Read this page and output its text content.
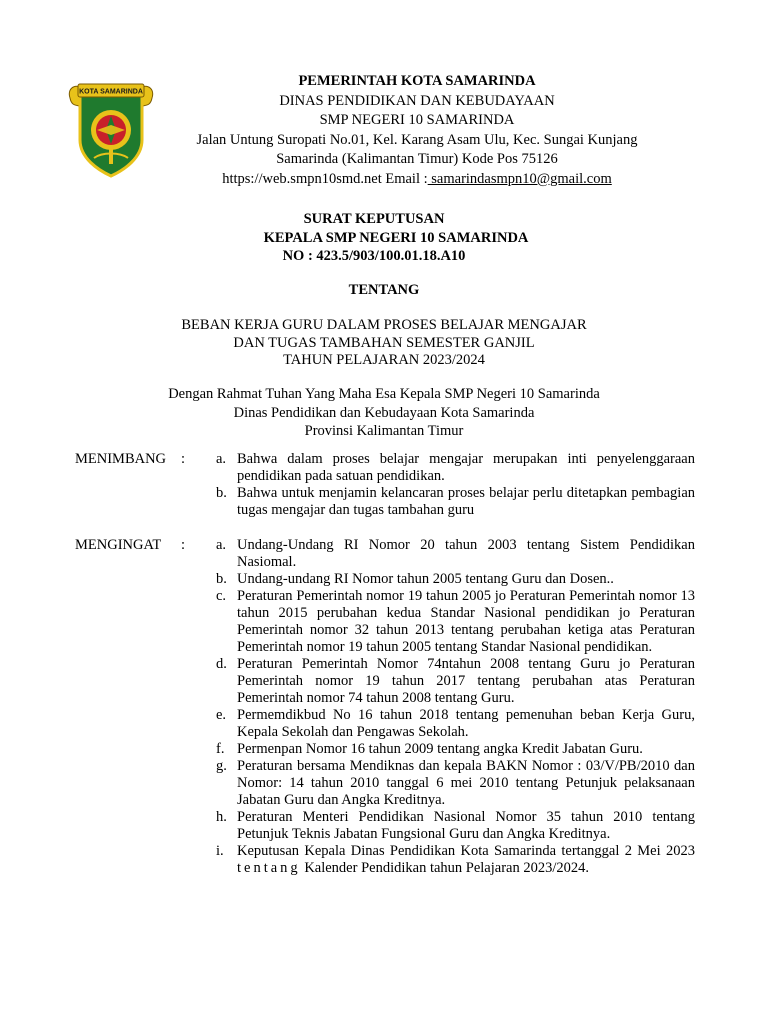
KOTA SAMARINDA
PEMERINTAH KOTA SAMARINDA
DINAS PENDIDIKAN DAN KEBUDAYAAN
SMP NEGERI 10 SAMARINDA
Jalan Untung Suropati No.01, Kel. Karang Asam Ulu, Kec. Sungai Kunjang
Samarinda (Kalimantan Timur) Kode Pos 75126
https://web.smpn10smd.net Email : samarindasmpn10@gmail.com
SURAT KEPUTUSAN
KEPALA SMP NEGERI 10 SAMARINDA
NO : 423.5/903/100.01.18.A10
TENTANG
BEBAN KERJA GURU DALAM PROSES BELAJAR MENGAJAR
DAN TUGAS TAMBAHAN SEMESTER GANJIL
TAHUN PELAJARAN 2023/2024
Dengan Rahmat Tuhan Yang Maha Esa Kepala SMP Negeri 10 Samarinda
Dinas Pendidikan dan Kebudayaan Kota Samarinda
Provinsi Kalimantan Timur
MENIMBANG : a. Bahwa dalam proses belajar mengajar merupakan inti penyelenggaraan pendidikan pada satuan pendidikan.
b. Bahwa untuk menjamin kelancaran proses belajar perlu ditetapkan pembagian tugas mengajar dan tugas tambahan guru
MENGINGAT : a. Undang-Undang RI Nomor 20 tahun 2003 tentang Sistem Pendidikan Nasiomal.
b. Undang-undang RI Nomor tahun 2005 tentang Guru dan Dosen..
c. Peraturan Pemerintah nomor 19 tahun 2005 jo Peraturan Pemerintah nomor 13 tahun 2015 perubahan kedua Standar Nasional pendidikan jo Peraturan Pemerintah nomor 32 tahun 2013 tentang perubahan ketiga atas Peraturan Pemerintah nomor 19 tahun 2005 tentang Standar Nasional pendidikan.
d. Peraturan Pemerintah Nomor 74ntahun 2008 tentang Guru jo Peraturan Pemerintah nomor 19 tahun 2017 tentang perubahan atas Peraturan Pemerintah nomor 74 tahun 2008 tentang Guru.
e. Permemdikbud No 16 tahun 2018 tentang pemenuhan beban Kerja Guru, Kepala Sekolah dan Pengawas Sekolah.
f. Permenpan Nomor 16 tahun 2009 tentang angka Kredit Jabatan Guru.
g. Peraturan bersama Mendiknas dan kepala BAKN Nomor : 03/V/PB/2010 dan Nomor: 14 tahun 2010 tanggal 6 mei 2010 tentang Petunjuk pelaksanaan Jabatan Guru dan Angka Kreditnya.
h. Peraturan Menteri Pendidikan Nasional Nomor 35 tahun 2010 tentang Petunjuk Teknis Jabatan Fungsional Guru dan Angka Kreditnya.
i. Keputusan Kepala Dinas Pendidikan Kota Samarinda tertanggal 2 Mei 2023 tentang Kalender Pendidikan tahun Pelajaran 2023/2024.
